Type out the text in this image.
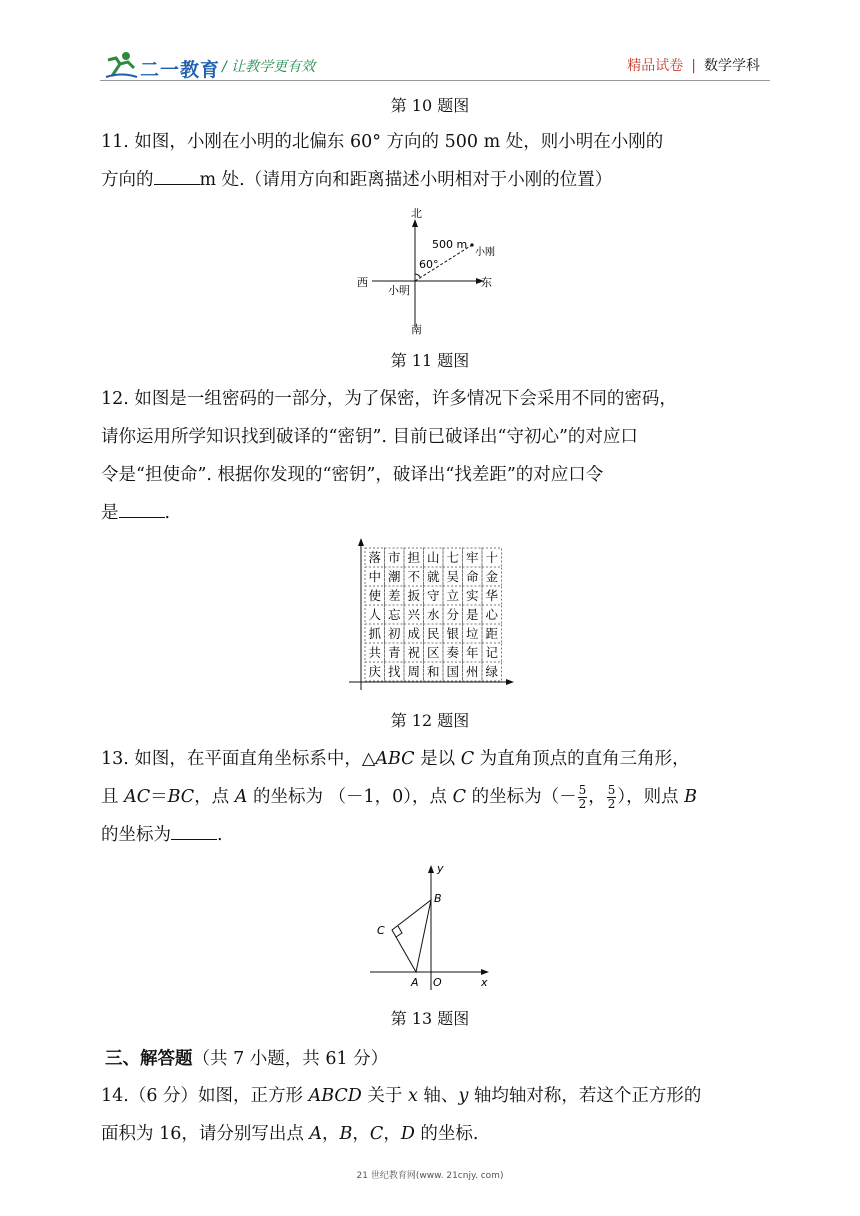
二一教育 / 让教学更有效	精品试卷 | 数学学科
第 10 题图
11. 如图，小刚在小明的北偏东 60° 方向的 500 m 处，则小明在小刚的
方向的	m 处.（请用方向和距离描述小明相对于小刚的位置）
北
南
东
西
小明
小刚
500 m
60°
第 11 题图
12. 如图是一组密码的一部分，为了保密，许多情况下会采用不同的密码，
请你运用所学知识找到破译的“密钥”. 目前已破译出“守初心”的对应口
令是“担使命”. 根据你发现的“密钥”，破译出“找差距”的对应口令
是	.
落 市 担 山 七 牢 十
中 潮 不 就 吴 命 金
使 差 扳 守 立 实 华
人 忘 兴 水 分 是 心
抓 初 成 民 银 垃 距
共 青 祝 区 奏 年 记
庆 找 周 和 国 州 绿
第 12 题图
13. 如图，在平面直角坐标系中，△ABC 是以 C 为直角顶点的直角三角形，
且 AC＝BC，点 A 的坐标为 （－1，0），点 C 的坐标为（－ $\frac{5}{2}$ ， $\frac{5}{2}$ ），则点 B
的坐标为	.
y
x
B
C
A O
第 13 题图
三、解答题（共 7 小题，共 61 分）
14.（6 分）如图，正方形 ABCD 关于 x 轴、y 轴均轴对称，若这个正方形的
面积为 16，请分别写出点 A，B，C，D 的坐标.
21 世纪教育网(www. 21cnjy. com)
